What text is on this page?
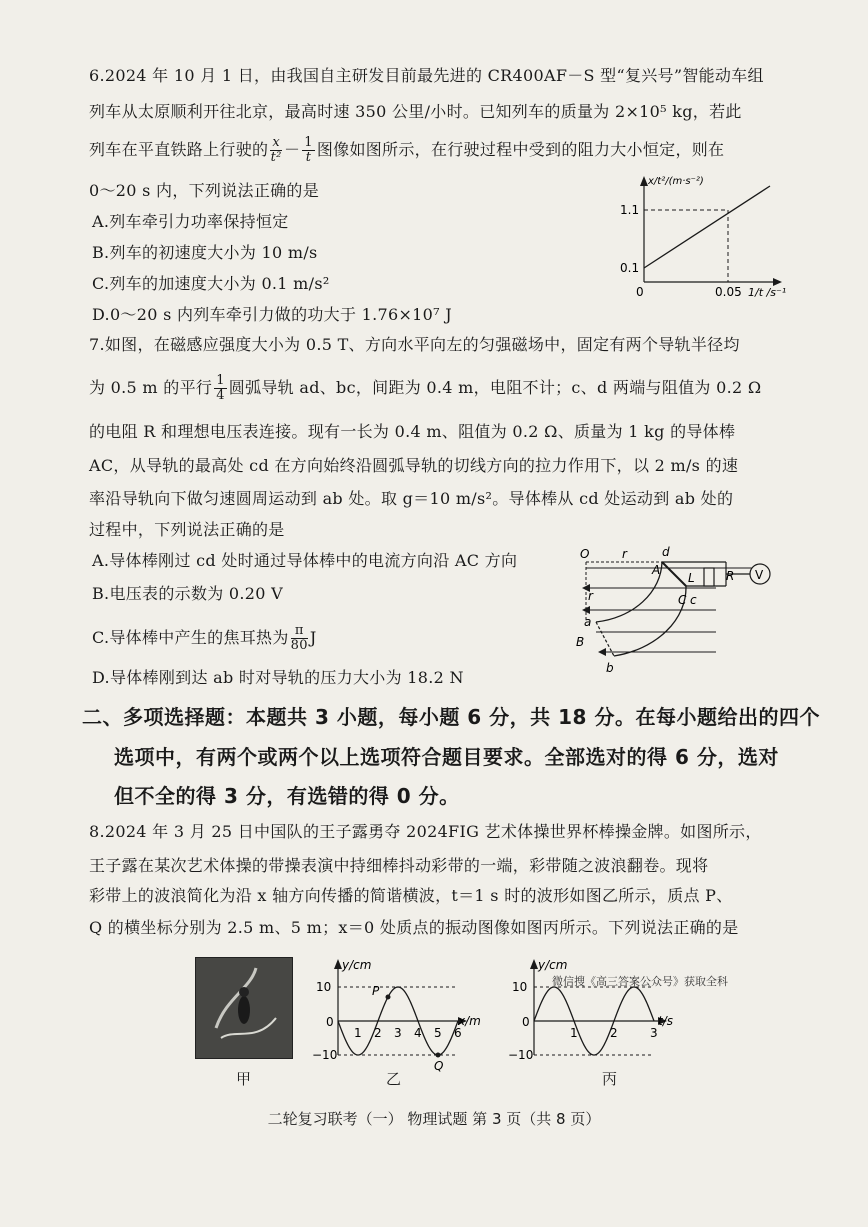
6.2024 年 10 月 1 日，由我国自主研发目前最先进的 CR400AF－S 型“复兴号”智能动车组
列车从太原顺利开往北京，最高时速 350 公里/小时。已知列车的质量为 2×10⁵ kg，若此
列车在平直铁路上行驶的 $\frac{x}{\text{t²}} - \frac{1}{t}$ 图像如图所示，在行驶过程中受到的阻力大小恒定，则在
0～20 s 内，下列说法正确的是
A.列车牵引力功率保持恒定
B.列车的初速度大小为 10 m/s
C.列车的加速度大小为 0.1 m/s²
D.0～20 s 内列车牵引力做的功大于 1.76×10⁷ J
x/t²/(m·s⁻²)
1.1
0.1
0	0.05 1/t /s⁻¹
7.如图，在磁感应强度大小为 0.5 T、方向水平向左的匀强磁场中，固定有两个导轨半径均
为 0.5 m 的平行 $\frac{1}{4}$ 圆弧导轨 ad、bc，间距为 0.4 m，电阻不计；c、d 两端与阻值为 0.2 Ω
的电阻 R 和理想电压表连接。现有一长为 0.4 m、阻值为 0.2 Ω、质量为 1 kg 的导体棒
AC，从导轨的最高处 cd 在方向始终沿圆弧导轨的切线方向的拉力作用下，以 2 m/s 的速
率沿导轨向下做匀速圆周运动到 ab 处。取 g＝10 m/s²。导体棒从 cd 处运动到 ab 处的
过程中，下列说法正确的是
A.导体棒刚过 cd 处时通过导体棒中的电流方向沿 AC 方向
B.电压表的示数为 0.20 V
C.导体棒中产生的焦耳热为 $\frac{\pi}{80}$ J
D.导体棒刚到达 ab 时对导轨的压力大小为 18.2 N
V
O	r	d
A
L	R
r	C c
a
B
b
二、多项选择题：本题共 3 小题，每小题 6 分，共 18 分。在每小题给出的四个
选项中，有两个或两个以上选项符合题目要求。全部选对的得 6 分，选对
但不全的得 3 分，有选错的得 0 分。
8.2024 年 3 月 25 日中国队的王子露勇夺 2024FIG 艺术体操世界杯棒操金牌。如图所示，
王子露在某次艺术体操的带操表演中持细棒抖动彩带的一端，彩带随之波浪翻卷。现将
彩带上的波浪简化为沿 x 轴方向传播的简谐横波，t＝1 s 时的波形如图乙所示，质点 P、
Q 的横坐标分别为 2.5 m、5 m；x＝0 处质点的振动图像如图丙所示。下列说法正确的是
y/cm
10
−10
0	x/m
1 2 3 4 5 6
P
Q
y/cm
10
−10
0	t/s
1	2	3
微信搜《高三答案公众号》获取全科
甲	乙	丙
二轮复习联考（一） 物理试题 第 3 页（共 8 页）
